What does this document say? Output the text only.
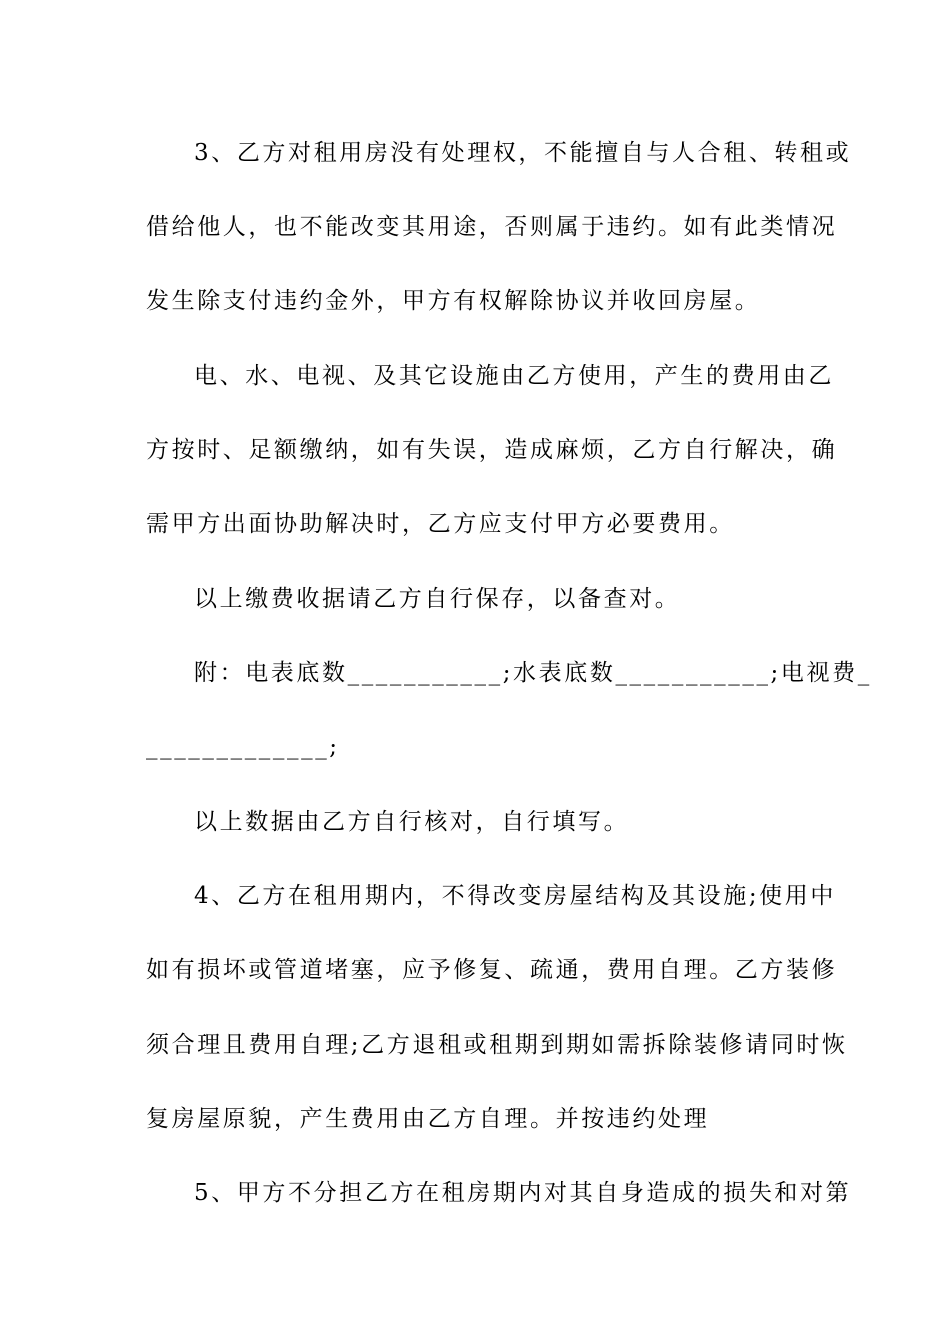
3、乙方对租用房没有处理权，不能擅自与人合租、转租或
借给他人，也不能改变其用途，否则属于违约。如有此类情况
发生除支付违约金外，甲方有权解除协议并收回房屋。
电、水、电视、及其它设施由乙方使用，产生的费用由乙
方按时、足额缴纳，如有失误，造成麻烦，乙方自行解决，确
需甲方出面协助解决时，乙方应支付甲方必要费用。
以上缴费收据请乙方自行保存，以备查对。
附：电表底数___________;水表底数___________;电视费_
_____________;
以上数据由乙方自行核对，自行填写。
4、乙方在租用期内，不得改变房屋结构及其设施;使用中
如有损坏或管道堵塞，应予修复、疏通，费用自理。乙方装修
须合理且费用自理;乙方退租或租期到期如需拆除装修请同时恢
复房屋原貌，产生费用由乙方自理。并按违约处理
5、甲方不分担乙方在租房期内对其自身造成的损失和对第
